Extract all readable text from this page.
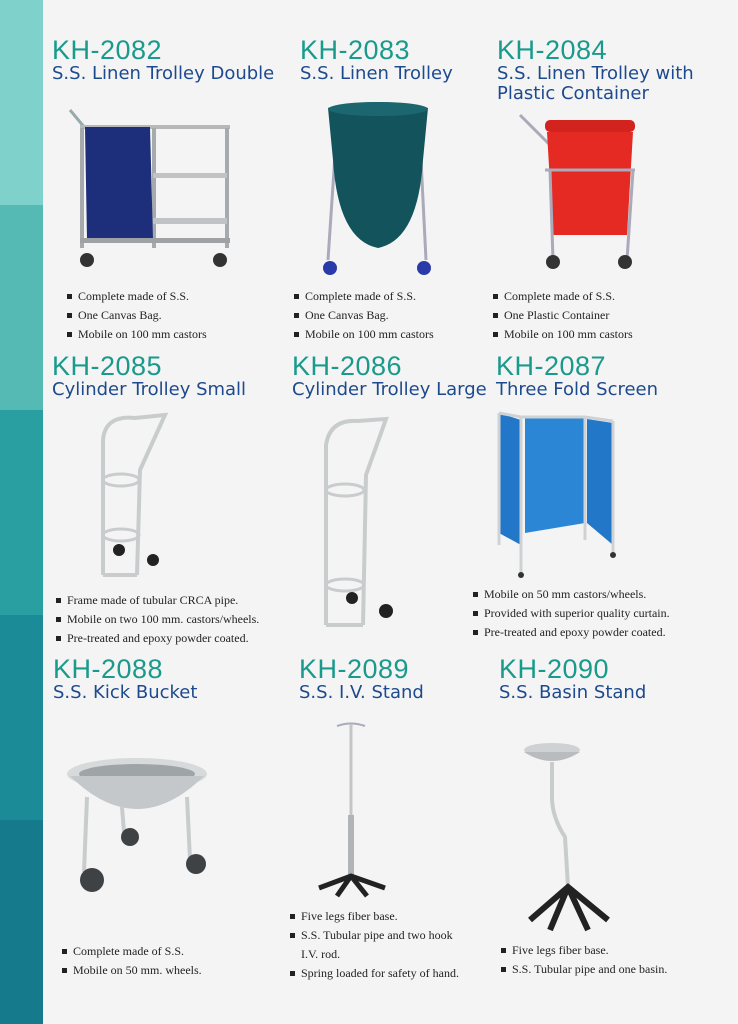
KH-2082
S.S. Linen Trolley Double
Complete made of S.S.
One Canvas Bag.
Mobile on 100 mm castors
KH-2083
S.S. Linen Trolley
Complete made of S.S.
One Canvas Bag.
Mobile on 100 mm castors
KH-2084
S.S. Linen Trolley with
Plastic Container
Complete made of S.S.
One Plastic Container
Mobile on 100 mm castors
KH-2085
Cylinder Trolley Small
Frame made of tubular CRCA pipe.
Mobile on two 100 mm. castors/wheels.
Pre-treated and epoxy powder coated.
KH-2086
Cylinder Trolley Large
KH-2087
Three Fold Screen
Mobile on 50 mm castors/wheels.
Provided with superior quality curtain.
Pre-treated and epoxy powder coated.
KH-2088
S.S. Kick Bucket
Complete made of S.S.
Mobile on 50 mm. wheels.
KH-2089
S.S. I.V. Stand
Five legs fiber base.
S.S. Tubular pipe and two hook
I.V. rod.
Spring loaded for safety of hand.
KH-2090
S.S. Basin Stand
Five legs fiber base.
S.S. Tubular pipe and one basin.
